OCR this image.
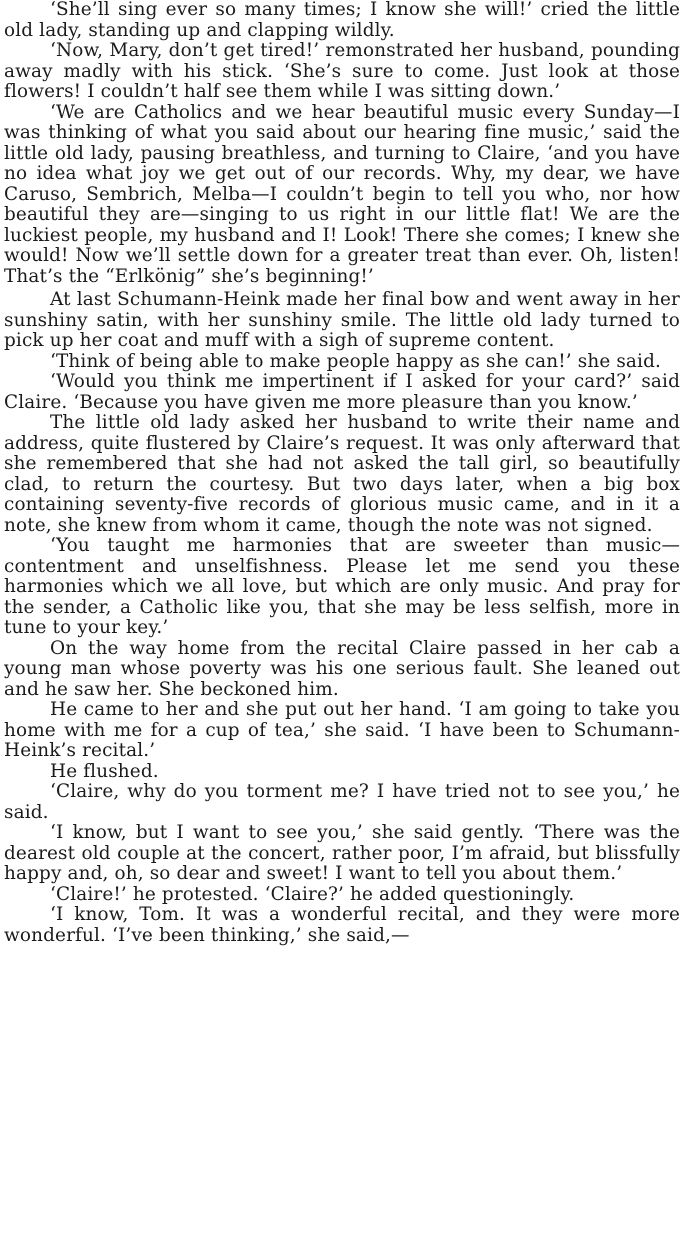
‘She’ll sing ever so many times; I know she will!’ cried the little old lady, standing up and clapping wildly.

‘Now, Mary, don’t get tired!’ remonstrated her husband, pounding away madly with his stick. ‘She’s sure to come. Just look at those flowers! I couldn’t half see them while I was sitting down.’

‘We are Catholics and we hear beautiful music every Sunday—I was thinking of what you said about our hearing fine music,’ said the little old lady, pausing breathless, and turning to Claire, ‘and you have no idea what joy we get out of our records. Why, my dear, we have Caruso, Sembrich, Melba—I couldn’t begin to tell you who, nor how beautiful they are—singing to us right in our little flat! We are the luckiest people, my husband and I! Look! There she comes; I knew she would! Now we’ll settle down for a greater treat than ever. Oh, listen! That’s the “Erlkönig” she’s beginning!’

At last Schumann-Heink made her final bow and went away in her sunshiny satin, with her sunshiny smile. The little old lady turned to pick up her coat and muff with a sigh of supreme content.

‘Think of being able to make people happy as she can!’ she said.

‘Would you think me impertinent if I asked for your card?’ said Claire. ‘Because you have given me more pleasure than you know.’

The little old lady asked her husband to write their name and address, quite flustered by Claire’s request. It was only afterward that she remembered that she had not asked the tall girl, so beautifully clad, to return the courtesy. But two days later, when a big box containing seventy-five records of glorious music came, and in it a note, she knew from whom it came, though the note was not signed.

‘You taught me harmonies that are sweeter than music—contentment and unselfishness. Please let me send you these harmonies which we all love, but which are only music. And pray for the sender, a Catholic like you, that she may be less selfish, more in tune to your key.’

On the way home from the recital Claire passed in her cab a young man whose poverty was his one serious fault. She leaned out and he saw her. She beckoned him.

He came to her and she put out her hand. ‘I am going to take you home with me for a cup of tea,’ she said. ‘I have been to Schumann-Heink’s recital.’

He flushed.

‘Claire, why do you torment me? I have tried not to see you,’ he said.

‘I know, but I want to see you,’ she said gently. ‘There was the dearest old couple at the concert, rather poor, I’m afraid, but blissfully happy and, oh, so dear and sweet! I want to tell you about them.’

‘Claire!’ he protested. ‘Claire?’ he added questioningly.

‘I know, Tom. It was a wonderful recital, and they were more wonderful. ‘I’ve been thinking,’ she said,—
